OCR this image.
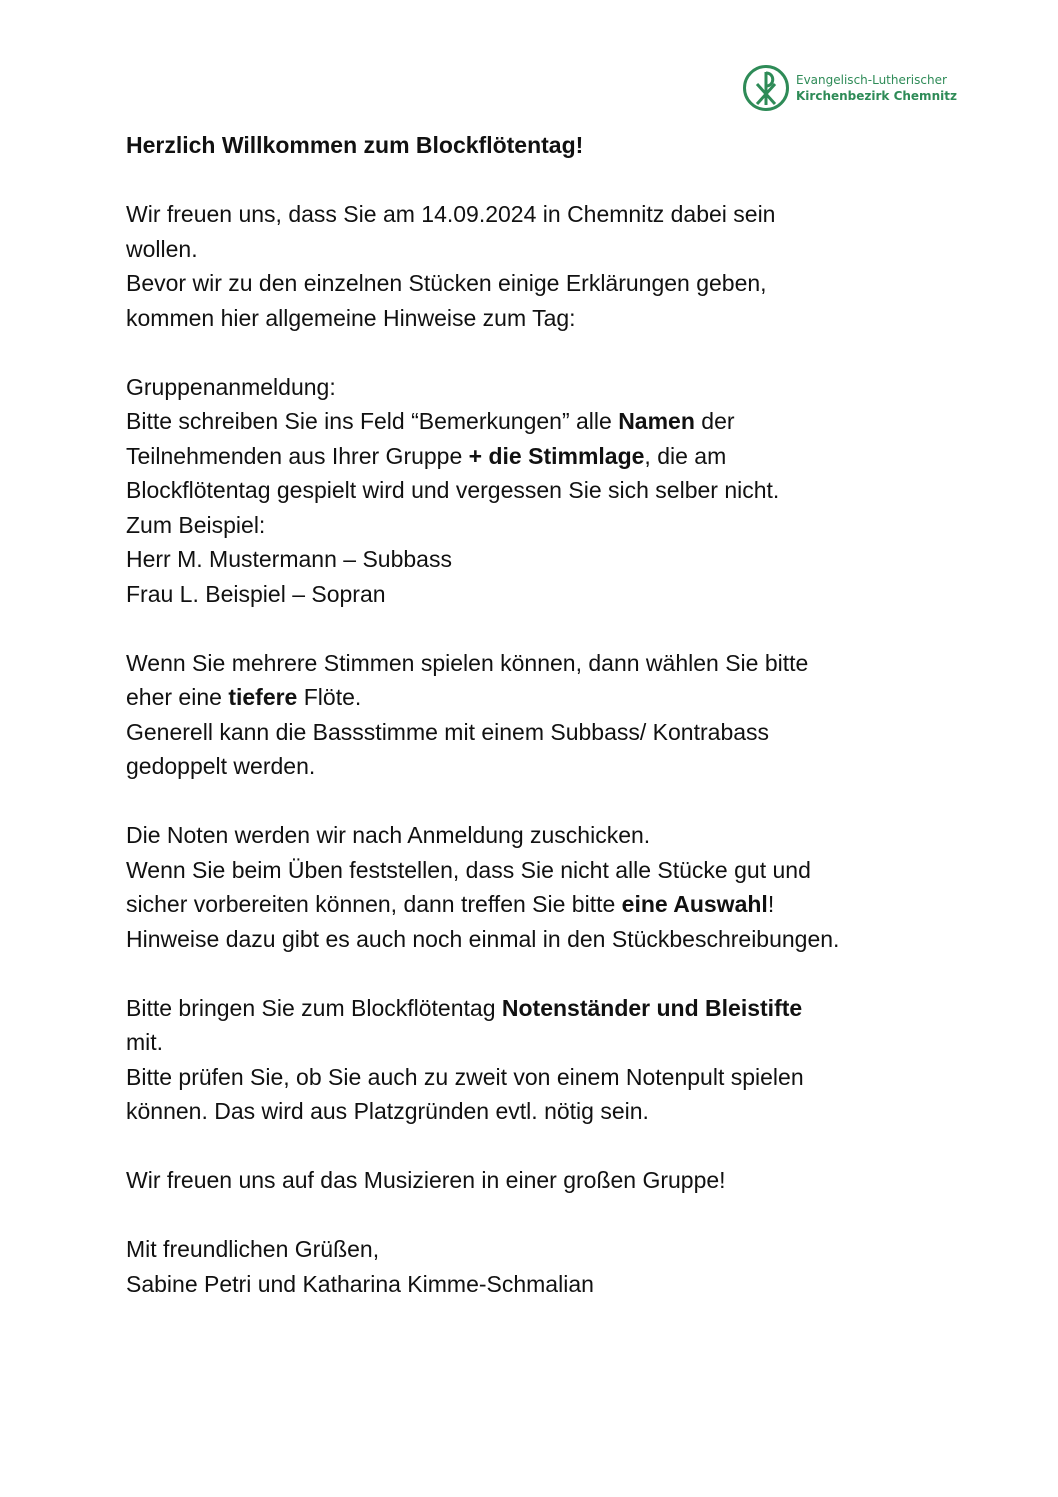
Evangelisch-Lutherischer
Kirchenbezirk Chemnitz

Herzlich Willkommen zum Blockflötentag!

Wir freuen uns, dass Sie am 14.09.2024 in Chemnitz dabei sein

wollen.

Bevor wir zu den einzelnen Stücken einige Erklärungen geben,

kommen hier allgemeine Hinweise zum Tag:

Gruppenanmeldung:

Bitte schreiben Sie ins Feld “Bemerkungen” alle Namen der

Teilnehmenden aus Ihrer Gruppe + die Stimmlage, die am

Blockflötentag gespielt wird und vergessen Sie sich selber nicht.

Zum Beispiel:

Herr M. Mustermann – Subbass

Frau L. Beispiel – Sopran

Wenn Sie mehrere Stimmen spielen können, dann wählen Sie bitte

eher eine tiefere Flöte.

Generell kann die Bassstimme mit einem Subbass/ Kontrabass

gedoppelt werden.

Die Noten werden wir nach Anmeldung zuschicken.

Wenn Sie beim Üben feststellen, dass Sie nicht alle Stücke gut und

sicher vorbereiten können, dann treffen Sie bitte eine Auswahl!

Hinweise dazu gibt es auch noch einmal in den Stückbeschreibungen.

Bitte bringen Sie zum Blockflötentag Notenständer und Bleistifte

mit.

Bitte prüfen Sie, ob Sie auch zu zweit von einem Notenpult spielen

können. Das wird aus Platzgründen evtl. nötig sein.

Wir freuen uns auf das Musizieren in einer großen Gruppe!

Mit freundlichen Grüßen,

Sabine Petri und Katharina Kimme-Schmalian
